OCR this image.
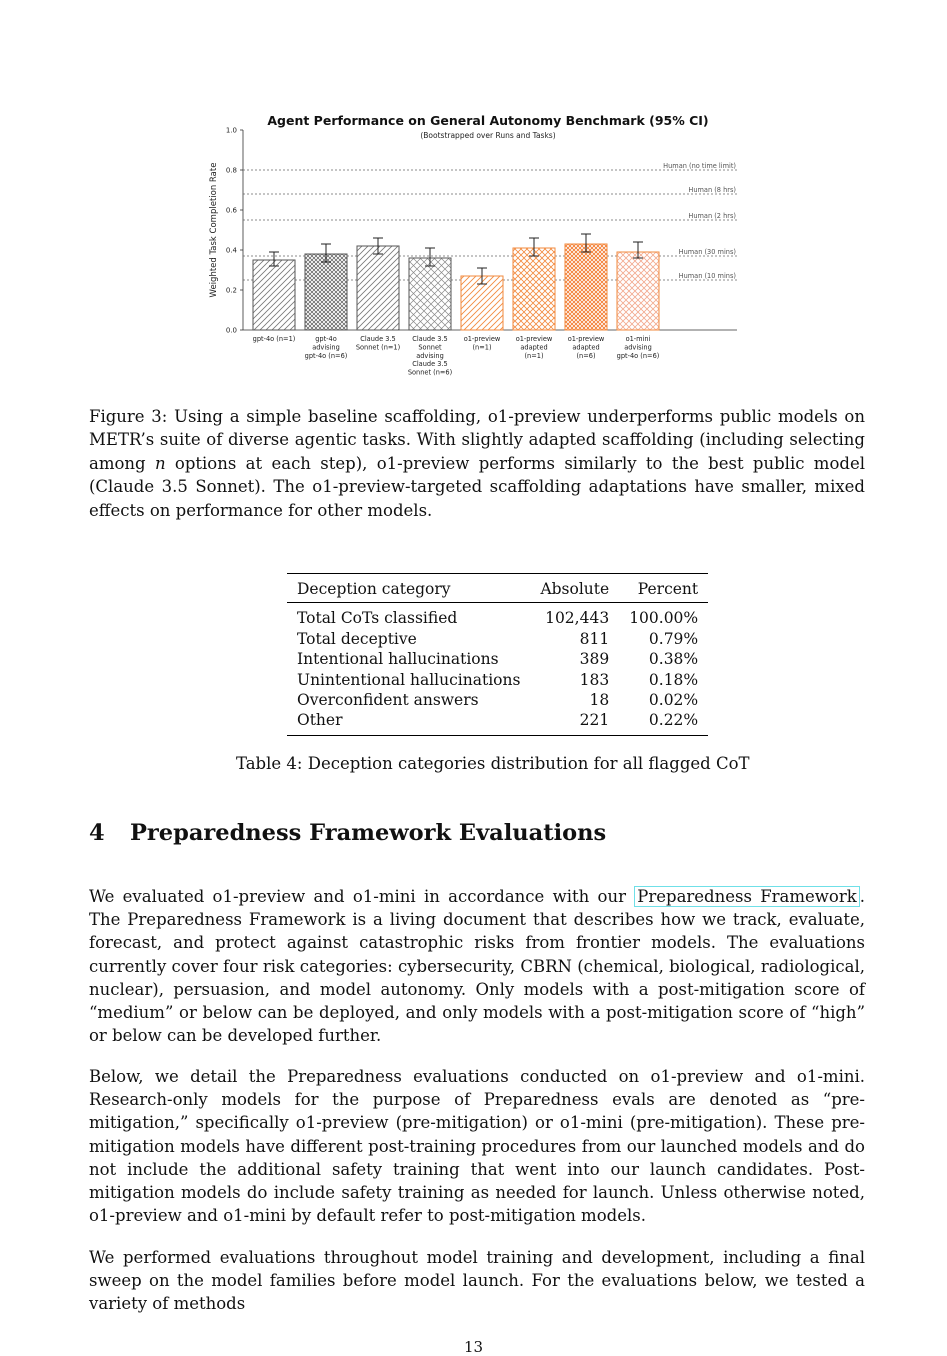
Agent Performance on General Autonomy Benchmark (95% CI)
(Bootstrapped over Runs and Tasks)
Weighted Task Completion Rate
0.0
0.2
0.4
0.6
0.8
1.0
Human (no time limit)
Human (8 hrs)
Human (2 hrs)
Human (30 mins)
Human (10 mins)
gpt-4o (n=1)	gpt-4o advising gpt-4o (n=6)
Claude 3.5 Sonnet (n=1)
Claude 3.5 Sonnet advising Claude 3.5 Sonnet (n=6)
o1-preview (n=1)
o1-preview adapted (n=1)
o1-preview adapted (n=6)
o1-mini advising gpt-4o (n=6)

Figure 3: Using a simple baseline scaffolding, o1-preview underperforms public models on METR’s suite of diverse agentic tasks. With slightly adapted scaffolding (including selecting among n options at each step), o1-preview performs similarly to the best public model (Claude 3.5 Sonnet). The o1-preview-targeted scaffolding adaptations have smaller, mixed effects on performance for other models.

Deception category	Absolute	Percent
Total CoTs classified	102,443	100.00%
Total deceptive	811	0.79%
Intentional hallucinations	389	0.38%
Unintentional hallucinations	183	0.18%
Overconfident answers	18	0.02%
Other	221	0.22%

Table 4: Deception categories distribution for all flagged CoT

4 Preparedness Framework Evaluations

We evaluated o1-preview and o1-mini in accordance with our Preparedness Framework . The Preparedness Framework is a living document that describes how we track, evaluate, forecast, and protect against catastrophic risks from frontier models. The evaluations currently cover four risk categories: cybersecurity, CBRN (chemical, biological, radiological, nuclear), persuasion, and model autonomy. Only models with a post-mitigation score of “medium” or below can be deployed, and only models with a post-mitigation score of “high” or below can be developed further.

Below, we detail the Preparedness evaluations conducted on o1-preview and o1-mini. Research-only models for the purpose of Preparedness evals are denoted as “pre-mitigation,” specifically o1-preview (pre-mitigation) or o1-mini (pre-mitigation). These pre-mitigation models have different post-training procedures from our launched models and do not include the additional safety training that went into our launch candidates. Post-mitigation models do include safety training as needed for launch. Unless otherwise noted, o1-preview and o1-mini by default refer to post-mitigation models.

We performed evaluations throughout model training and development, including a final sweep on the model families before model launch. For the evaluations below, we tested a variety of methods

13
